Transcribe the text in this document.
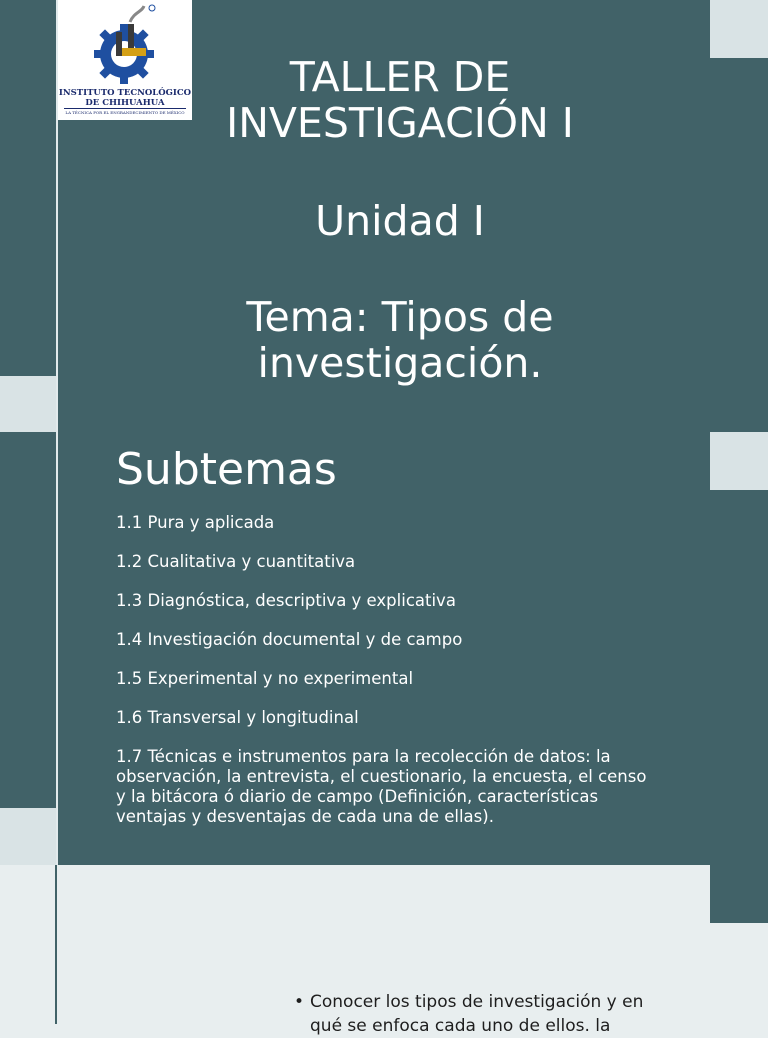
INSTITUTO TECNOLÓGICO
DE CHIHUAHUA
LA TÉCNICA POR EL ENGRANDECIMIENTO DE MÉXICO
TALLER DE
INVESTIGACIÓN I
Unidad I
Tema: Tipos de
investigación.
Subtemas
1.1 Pura y aplicada
1.2 Cualitativa y cuantitativa
1.3 Diagnóstica, descriptiva y explicativa
1.4 Investigación documental y de campo
1.5 Experimental y no experimental
1.6 Transversal y longitudinal
1.7 Técnicas e instrumentos para la recolección de datos: la observación, la entrevista, el cuestionario, la encuesta, el censo y la bitácora ó diario de campo (Definición, características ventajas y desventajas de cada una de ellas).
• Conocer los tipos de investigación y en
qué se enfoca cada uno de ellos. la
